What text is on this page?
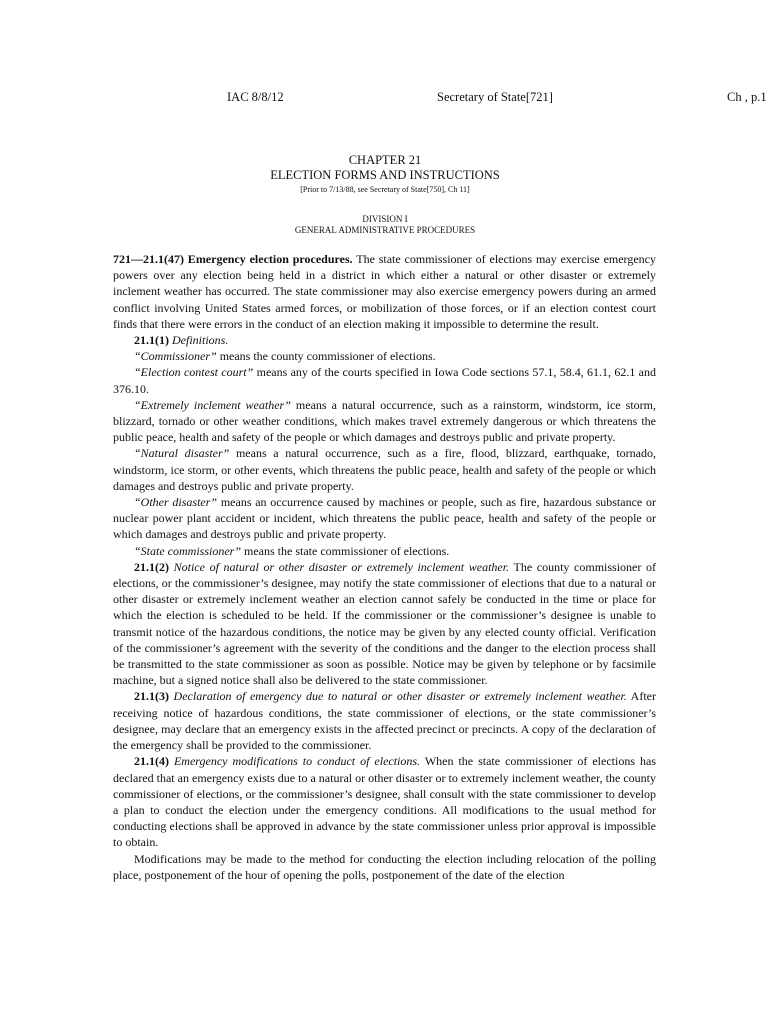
IAC 8/8/12	Secretary of State[721]	Ch , p.1
CHAPTER 21
ELECTION FORMS AND INSTRUCTIONS
[Prior to 7/13/88, see Secretary of State[750], Ch 11]
DIVISION I
GENERAL ADMINISTRATIVE PROCEDURES

721—21.1(47) Emergency election procedures. The state commissioner of elections may exercise emergency powers over any election being held in a district in which either a natural or other disaster or extremely inclement weather has occurred. The state commissioner may also exercise emergency powers during an armed conflict involving United States armed forces, or mobilization of those forces, or if an election contest court finds that there were errors in the conduct of an election making it impossible to determine the result.

21.1(1) Definitions.

“Commissioner” means the county commissioner of elections.

“Election contest court” means any of the courts specified in Iowa Code sections 57.1, 58.4, 61.1, 62.1 and 376.10.

“Extremely inclement weather” means a natural occurrence, such as a rainstorm, windstorm, ice storm, blizzard, tornado or other weather conditions, which makes travel extremely dangerous or which threatens the public peace, health and safety of the people or which damages and destroys public and private property.

“Natural disaster” means a natural occurrence, such as a fire, flood, blizzard, earthquake, tornado, windstorm, ice storm, or other events, which threatens the public peace, health and safety of the people or which damages and destroys public and private property.

“Other disaster” means an occurrence caused by machines or people, such as fire, hazardous substance or nuclear power plant accident or incident, which threatens the public peace, health and safety of the people or which damages and destroys public and private property.

“State commissioner” means the state commissioner of elections.

21.1(2) Notice of natural or other disaster or extremely inclement weather. The county commissioner of elections, or the commissioner’s designee, may notify the state commissioner of elections that due to a natural or other disaster or extremely inclement weather an election cannot safely be conducted in the time or place for which the election is scheduled to be held. If the commissioner or the commissioner’s designee is unable to transmit notice of the hazardous conditions, the notice may be given by any elected county official. Verification of the commissioner’s agreement with the severity of the conditions and the danger to the election process shall be transmitted to the state commissioner as soon as possible. Notice may be given by telephone or by facsimile machine, but a signed notice shall also be delivered to the state commissioner.

21.1(3) Declaration of emergency due to natural or other disaster or extremely inclement weather. After receiving notice of hazardous conditions, the state commissioner of elections, or the state commissioner’s designee, may declare that an emergency exists in the affected precinct or precincts. A copy of the declaration of the emergency shall be provided to the commissioner.

21.1(4) Emergency modifications to conduct of elections. When the state commissioner of elections has declared that an emergency exists due to a natural or other disaster or to extremely inclement weather, the county commissioner of elections, or the commissioner’s designee, shall consult with the state commissioner to develop a plan to conduct the election under the emergency conditions. All modifications to the usual method for conducting elections shall be approved in advance by the state commissioner unless prior approval is impossible to obtain.

Modifications may be made to the method for conducting the election including relocation of the polling place, postponement of the hour of opening the polls, postponement of the date of the election
